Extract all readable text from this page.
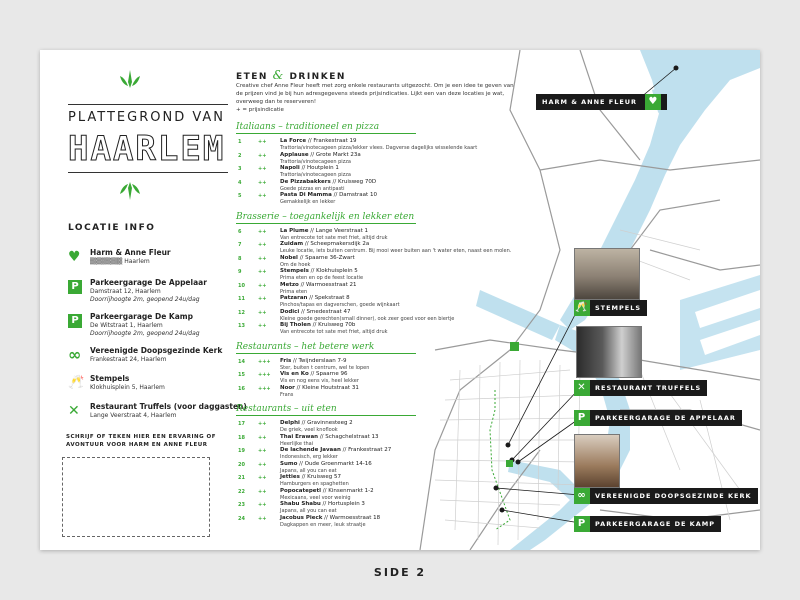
HARM & ANNE FLEUR ♥
🥂 STEMPELS
✕ RESTAURANT TRUFFELS
P PARKEERGARAGE DE APPELAAR
∞ VEREENIGDE DOOPSGEZINDE KERK
P PARKEERGARAGE DE KAMP
PLATTEGROND VAN
HAARLEM
LOCATIE INFO
♥ Harm & Anne Fleur
▒▒▒▒▒▒▒ Haarlem
P	Parkeergarage De Appelaar
Damstraat 12, Haarlem
Doorrijhoogte 2m, geopend 24u/dag
P	Parkeergarage De Kamp
De Witstraat 1, Haarlem
Doorrijhoogte 2m, geopend 24u/dag
∞ Vereenigde Doopsgezinde Kerk
Frankestraat 24, Haarlem
🥂 Stempels
Klokhuisplein 5, Haarlem
✕	Restaurant Truffels (voor daggasten)
Lange Veerstraat 4, Haarlem
SCHRIJF OF TEKEN HIER EEN ERVARING OF AVONTUUR VOOR HARM EN ANNE FLEUR
ETEN & DRINKEN
Creative chef Anne Fleur heeft met zorg enkele restaurants uitgezocht. Om je een idee te geven van de prijzen vind je bij hun adresgegevens steeds prijsindicaties. Lijkt een van deze locaties je wat, overweeg dan te reserveren!
+ = prijsindicatie
Italiaans – traditioneel en pizza
1	++ La Force // Frankestraat 19
Trattoria/vinotecageen pizza/lekker vlees. Dagverse dagelijks wisselende kaart
2	++ Applause // Grote Markt 23a
Trattoria/vinotecageen pizza
3	++ Napoli // Houtplein 1
Trattoria/vinotecageen pizza
4	++ De Pizzabakkers // Kruisweg 70D
Goede pizzas en antipasti
5	++ Pasta Di Mamma // Damstraat 10
Gemakkelijk en lekker
Brasserie – toegankelijk en lekker eten
6	++ La Plume // Lange Veerstraat 1
Van entrecote tot sate met friet, altijd druk
7	++ Zuidam // Scheepmakersdijk 2a
Leuke locatie, iets buiten centrum. Bij mooi weer buiten aan 't water eten, naast een molen.
8	++ Nobel // Spaarne 36-Zwart
Om de hoek
9	++ Stempels // Klokhuisplein 5
Prima eten en op de feest locatie
10	++ Metzo // Warmoesstraat 21
Prima eten
11	++ Patzaran // Spekstraat 8
Pinchos/tapas en dagverschen, goede wijnkaart
12	++ Dodici // Smedestraat 47
Kleine goede gerechten(small dinner), ook zeer goed voor een biertje
13	++ Bij Tholen // Kruisweg 70b
Van entrecote tot sate met friet, altijd druk
Restaurants – het betere werk
14	+++ Fris // Twijnderslaan 7-9
Ster, buiten t centrum, wel te lopen
15	+++ Vis en Ko // Spaarne 96
Vis en nog eens vis, heel lekker
16	+++ Noor // Kleine Houtstraat 31
Frans
Restaurants – uit eten
17	++ Delphi // Gravinnesteeg 2
De griek, veel knoflook
18	++ Thai Erawan // Schagchelstraat 13
Heerlijke thai
19	++ De lachende Javaan // Frankestraat 27
Indonesisch, erg lekker
20	++ Sumo // Oude Groenmarkt 14-16
Japans, all you can eat
21	++ Jetties // Kruisweg 57
Hamburgers en spaghetten
22	++ Popocatepetl // Kinsenmarkt 1-2
Mexicaans, veel voor weinig
23	++ Shabu Shabu // Hortusplein 3
Japans, all you can eat
24	++ Jacobus Pieck // Warmoesstraat 18
Dagkappen en meer, leuk straatje
SIDE 2
